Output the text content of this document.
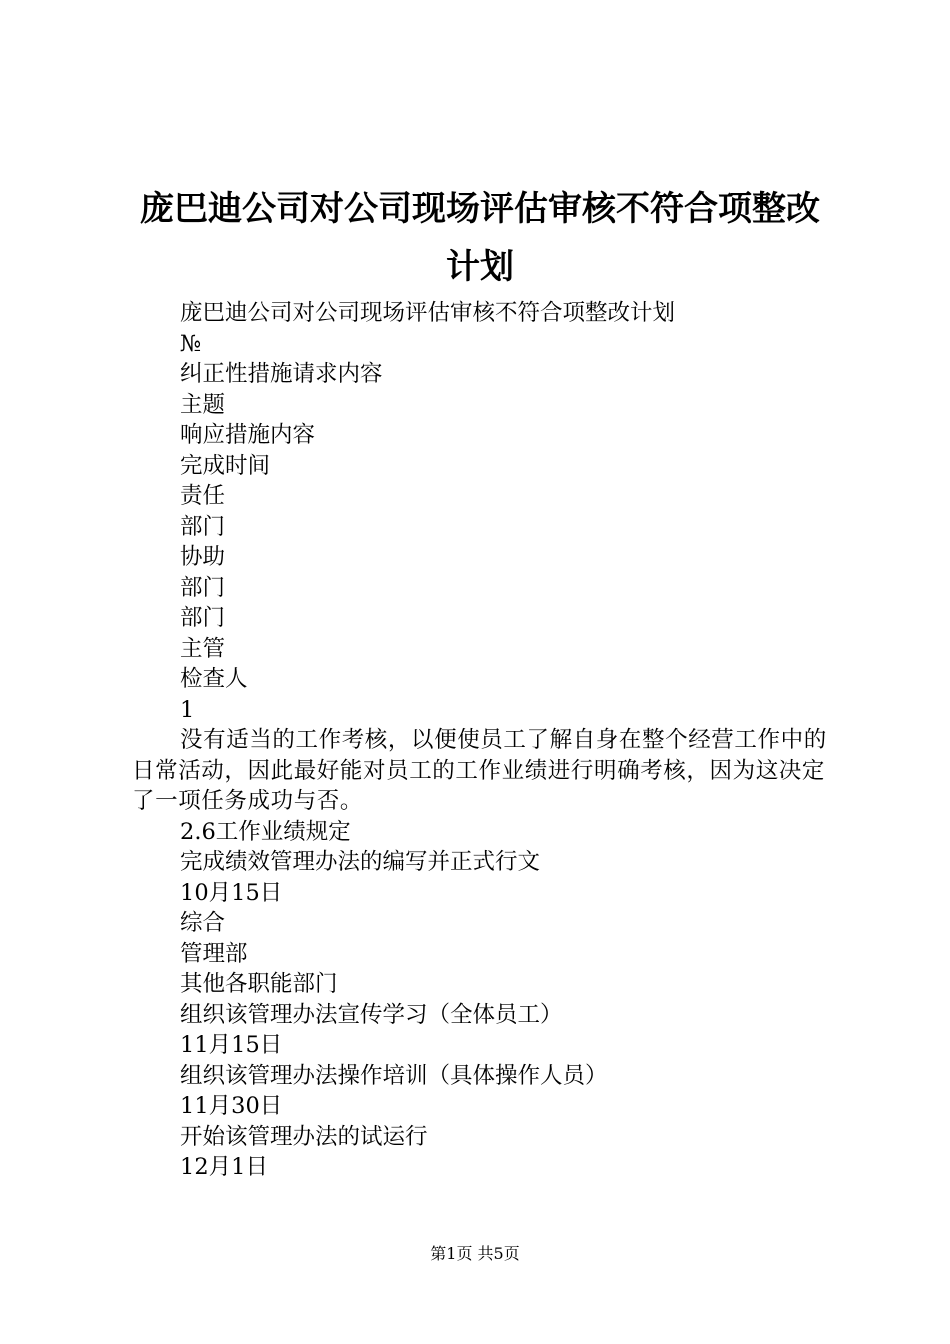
庞巴迪公司对公司现场评估审核不符合项整改
计划

庞巴迪公司对公司现场评估审核不符合项整改计划

№

纠正性措施请求内容

主题

响应措施内容

完成时间

责任

部门

协助

部门

部门

主管

检查人

1

没有适当的工作考核，以便使员工了解自身在整个经营工作中的日常活动，因此最好能对员工的工作业绩进行明确考核，因为这决定了一项任务成功与否。

2.6工作业绩规定

完成绩效管理办法的编写并正式行文

10月15日

综合

管理部

其他各职能部门

组织该管理办法宣传学习（全体员工）

11月15日

组织该管理办法操作培训（具体操作人员）

11月30日

开始该管理办法的试运行

12月1日

第1页 共5页
